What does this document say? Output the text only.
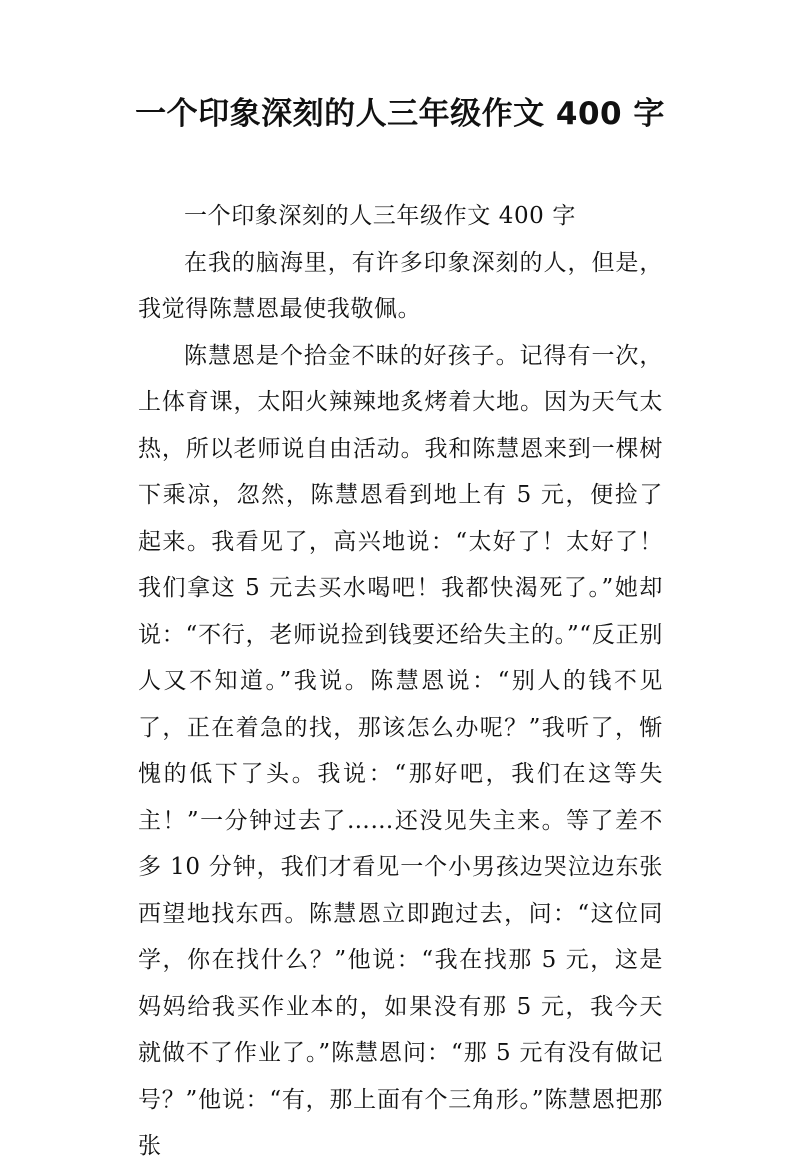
一个印象深刻的人三年级作文 400 字

一个印象深刻的人三年级作文 400 字

在我的脑海里，有许多印象深刻的人，但是，我觉得陈慧恩最使我敬佩。

陈慧恩是个拾金不昧的好孩子。记得有一次，上体育课，太阳火辣辣地炙烤着大地。因为天气太热，所以老师说自由活动。我和陈慧恩来到一棵树下乘凉，忽然，陈慧恩看到地上有 5 元，便捡了起来。我看见了，高兴地说：“太好了！太好了！我们拿这 5 元去买水喝吧！我都快渴死了。”她却说：“不行，老师说捡到钱要还给失主的。”“反正别人又不知道。”我说。陈慧恩说：“别人的钱不见了，正在着急的找，那该怎么办呢？”我听了，惭愧的低下了头。我说：“那好吧，我们在这等失主！”一分钟过去了……还没见失主来。等了差不多 10 分钟，我们才看见一个小男孩边哭泣边东张西望地找东西。陈慧恩立即跑过去，问：“这位同学，你在找什么？”他说：“我在找那 5 元，这是妈妈给我买作业本的，如果没有那 5 元，我今天就做不了作业了。”陈慧恩问：“那 5 元有没有做记号？”他说：“有，那上面有个三角形。”陈慧恩把那张
